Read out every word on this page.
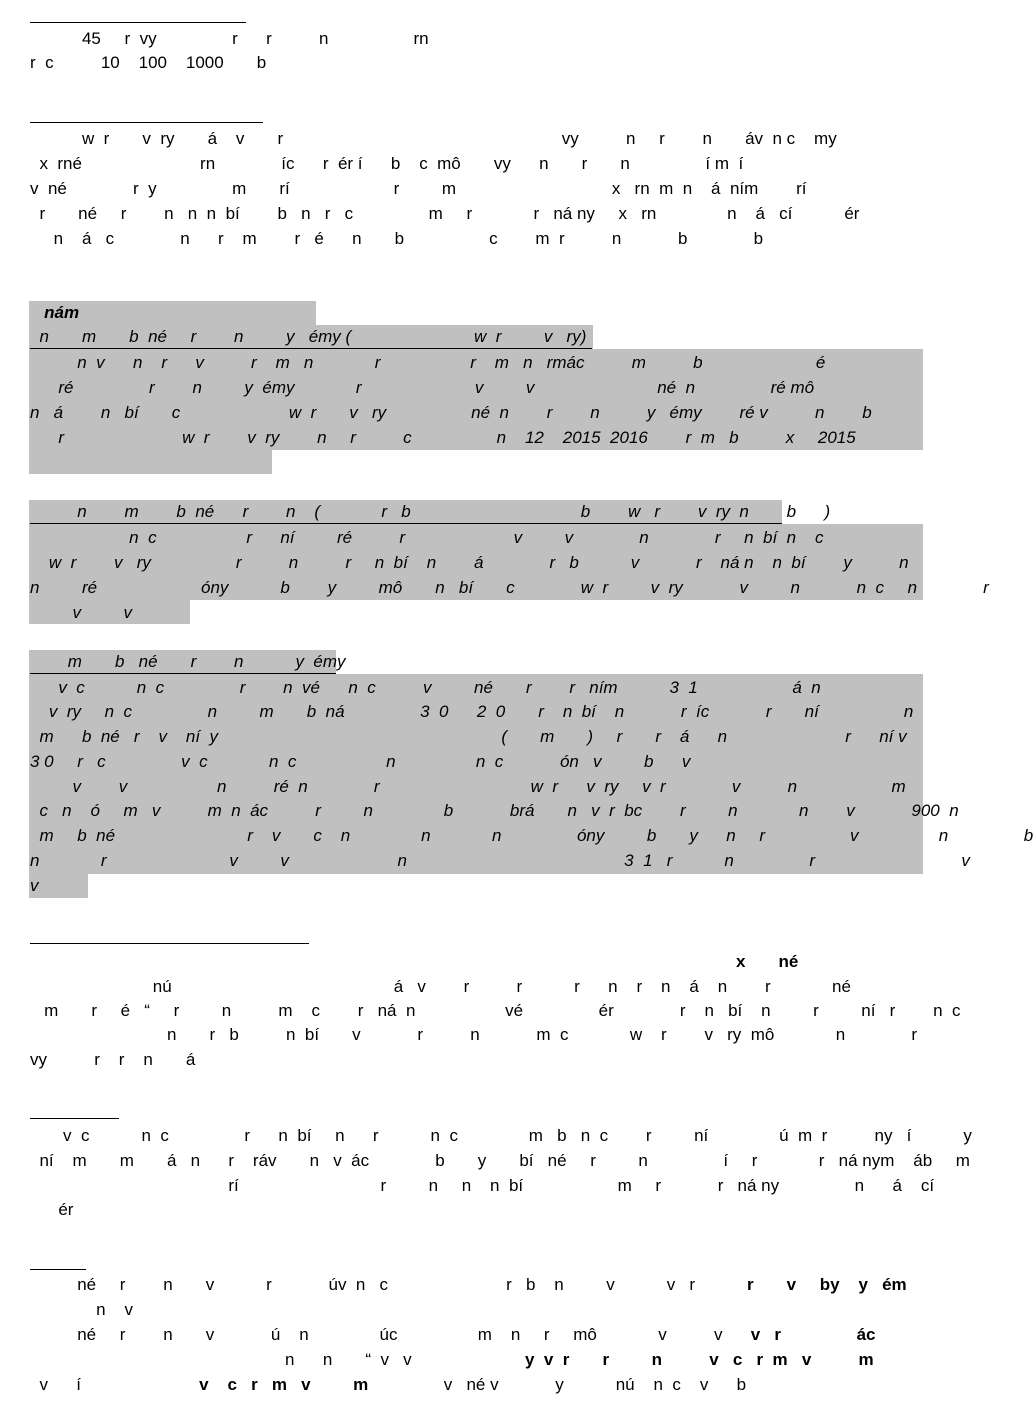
45     r  vy                r      r          n                  rn
r  c          10    100    1000       b
w  r       v  ry       á    v       r                                                           vy          n     r        n       áv  n c    my
x  rné                         rn              íc      r  ér í      b    c  mô       vy      n       r       n                í m  í
v  né              r  y                m       rí                      r         m                                 x   rn  m  n    á  ním        rí
r       né     r        n   n  n  bí        b   n   r   c                m     r             r   ná ny     x   rn               n    á   cí           ér
n    á   c              n      r    m        r   é      n       b                  c        m  r          n            b              b
nám
n       m       b  né     r        n         y   émy (                          w  r         v   ry)
n  v      n    r      v          r    m   n             r                   r    m   n   rmác          m          b                        é
ré                r        n         y  émy             r                        v         v                          né  n                ré mô
n   á        n   bí       c                       w  r       v   ry                  né  n        r        n          y   émy        ré v          n        b
r                         w  r        v  ry        n     r          c                  n    12    2015  2016        r  m   b          x     2015
n        m        b  né      r        n    (             r   b                                    b        w   r        v  ry  n        b      )
n  c                   r      ní         ré          r                       v         v              n              r     n  bí  n    c
w  r        v   ry                  r          n          r     n  bí    n        á              r   b           v            r    ná n    n  bí        y          n
n         ré                      óny           b        y         mô       n   bí       c              w  r         v  ry            v         n            n  c     n              r
v         v
m       b   né       r        n           y  émy
v  c           n  c                r        n  vé      n  c          v         né       r        r   ním           3  1                    á  n
v  ry     n  c                n         m       b  ná                3  0      2  0       r    n  bí    n            r  íc            r       ní                  n
m      b  né   r    v    ní  y                                                            (       m       )     r       r    á      n                         r      ní v
3 0     r   c                v  c             n  c                   n                 n  c            ón   v         b      v
v        v                   n          ré  n              r                                w  r      v  ry     v  r              v          n                    m
c   n    ó     m   v          m  n  ác          r         n               b            brá       n   v  r  bc        r         n             n        v            900  n
m     b  né                            r    v       c    n               n             n                óny         b       y      n     r                  v                 n                b
n             r                          v         v                       n                                              3  1   r           n                r                               v
v
x       né
nú                                               á   v        r          r           r      n    r    n    á    n        r             né
m       r     é   “     r         n          m    c        r   ná  n                   vé                ér              r    n   bí    n         r         ní   r        n  c
n       r   b          n  bí       v            r          n            m  c             w    r        v   ry  mô             n              r
vy          r    r    n       á
v  c           n  c                r      n  bí     n      r           n  c               m   b   n  c        r         ní               ú  m  r          ny   í           y
ní    m       m       á   n      r    ráv       n   v  ác              b       y       bí   né     r         n                í     r             r   ná nym    áb     m
rí                              r         n     n    n  bí                    m     r            r   ná ny                n      á    cí
ér
né     r        n       v           r            úv  n   c                         r   b    n         v           v   r           r       v     by    y   ém
n    v
né     r        n       v            ú    n               úc                 m    n     r     mô             v          v      v   r                ác
n      n       “  v   v                        y  v  r       r         n          v   c   r  m   v          m
v      í                         v    c   r   m   v         m                v   né v            y           nú    n  c    v      b
